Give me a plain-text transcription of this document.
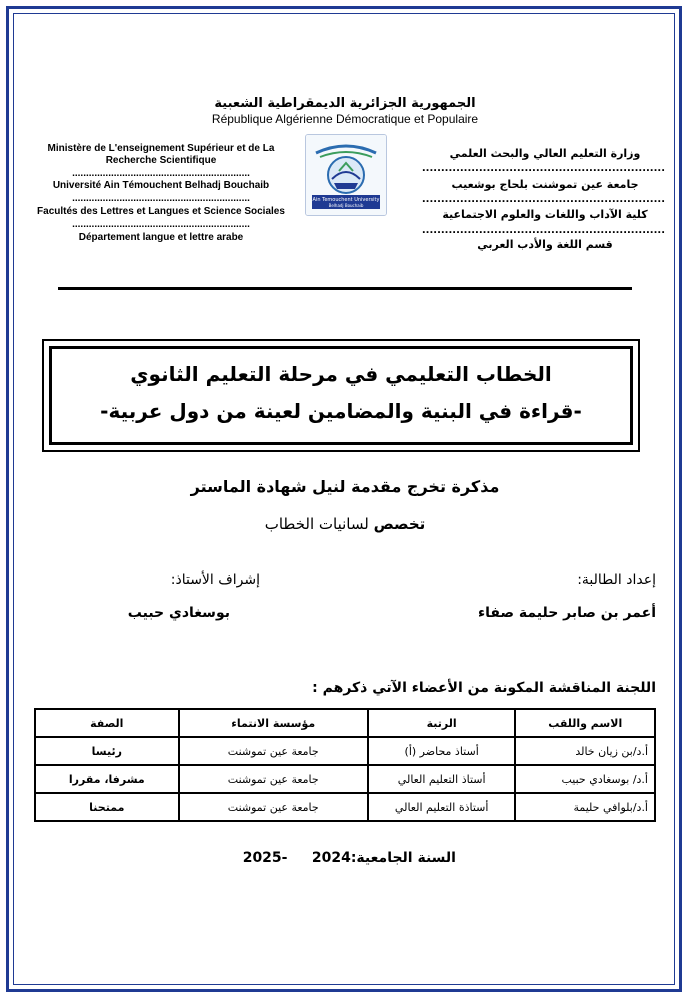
الجمهورية الجزائرية الديمقراطية الشعبية
République Algérienne Démocratique et Populaire
Ministère de L'enseignement Supérieur et de La Recherche Scientifique
................................................................
Université Ain Témouchent Belhadj Bouchaib
................................................................
Facultés des Lettres et Langues et Science Sociales
................................................................
Département langue et lettre arabe
وزارة التعليم العالي والبحث العلمي
................................................................
جامعة عين تموشنت بلحاج بوشعيب
................................................................
كلية الآداب واللغات والعلوم الاجتماعية
................................................................
قسم اللغة والأدب العربي
Ain Temouchent University
Belhadj Bouchaib
الخطاب التعليمي في مرحلة التعليم الثانوي
-قراءة في البنية والمضامين لعينة من دول عربية-
مذكرة تخرج مقدمة لنيل شهادة الماستر
تخصص لسانيات الخطاب
إعداد الطالبة:
إشراف الأستاذ:
أعمر بن صابر حليمة صفاء
بوسغادي حبيب
اللجنة المناقشة المكونة من الأعضاء الآتي ذكرهم :
الاسم واللقب	الرتبة	مؤسسة الانتماء	الصفة
أ.د/بن زيان خالد	أستاذ محاضر (أ)	جامعة عين تموشنت	رئيسا
أ.د/ بوسغادي حبيب	أستاذ التعليم العالي	جامعة عين تموشنت	مشرفا، مقررا
أ.د/بلوافي حليمة	أستاذة التعليم العالي	جامعة عين تموشنت	ممتحنا
السنة الجامعية:2024     -2025
